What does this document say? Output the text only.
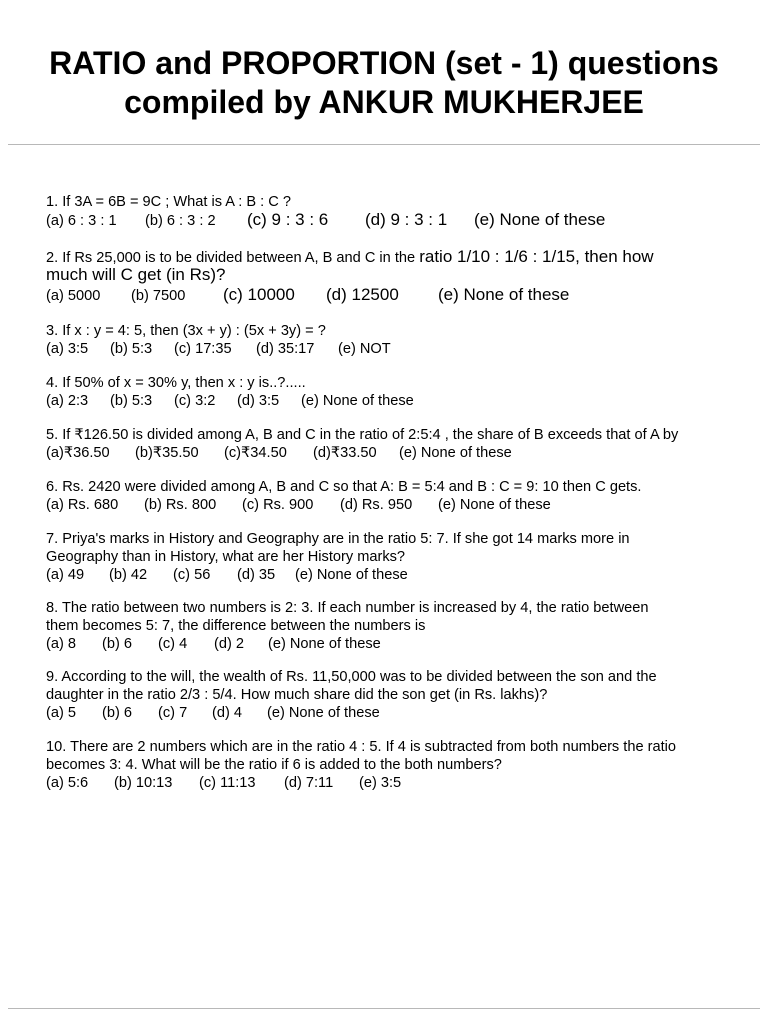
RATIO and PROPORTION (set - 1) questions
compiled by ANKUR MUKHERJEE
1. If 3A = 6B = 9C ; What is A : B : C ?
(a) 6 : 3 : 1 (b) 6 : 3 : 2 (c) 9 : 3 : 6 (d) 9 : 3 : 1 (e) None of these
2. If Rs 25,000 is to be divided between A, B and C in the ratio 1/10 : 1/6 : 1/15, then how
much will C get (in Rs)?
(a) 5000 (b) 7500 (c) 10000 (d) 12500 (e) None of these
3. If x : y = 4: 5, then (3x + y) : (5x + 3y) = ?
(a) 3:5 (b) 5:3 (c) 17:35 (d) 35:17 (e) NOT
4. If 50% of x = 30% y, then x : y is..?.....
(a) 2:3 (b) 5:3 (c) 3:2 (d) 3:5 (e) None of these
5. If ₹126.50 is divided among A, B and C in the ratio of 2:5:4 , the share of B exceeds that of A by
(a)₹36.50 (b)₹35.50 (c)₹34.50 (d)₹33.50 (e) None of these
6. Rs. 2420 were divided among A, B and C so that A: B = 5:4 and B : C = 9: 10 then C gets.
(a) Rs. 680 (b) Rs. 800 (c) Rs. 900 (d) Rs. 950 (e) None of these
7. Priya's marks in History and Geography are in the ratio 5: 7. If she got 14 marks more in
Geography than in History, what are her History marks?
(a) 49 (b) 42 (c) 56 (d) 35 (e) None of these
8. The ratio between two numbers is 2: 3. If each number is increased by 4, the ratio between
them becomes 5: 7, the difference between the numbers is
(a) 8 (b) 6 (c) 4 (d) 2 (e) None of these
9. According to the will, the wealth of Rs. 11,50,000 was to be divided between the son and the
daughter in the ratio 2/3 : 5/4. How much share did the son get (in Rs. lakhs)?
(a) 5 (b) 6 (c) 7 (d) 4 (e) None of these
10. There are 2 numbers which are in the ratio 4 : 5. If 4 is subtracted from both numbers the ratio
becomes 3: 4. What will be the ratio if 6 is added to the both numbers?
(a) 5:6 (b) 10:13 (c) 11:13 (d) 7:11 (e) 3:5
